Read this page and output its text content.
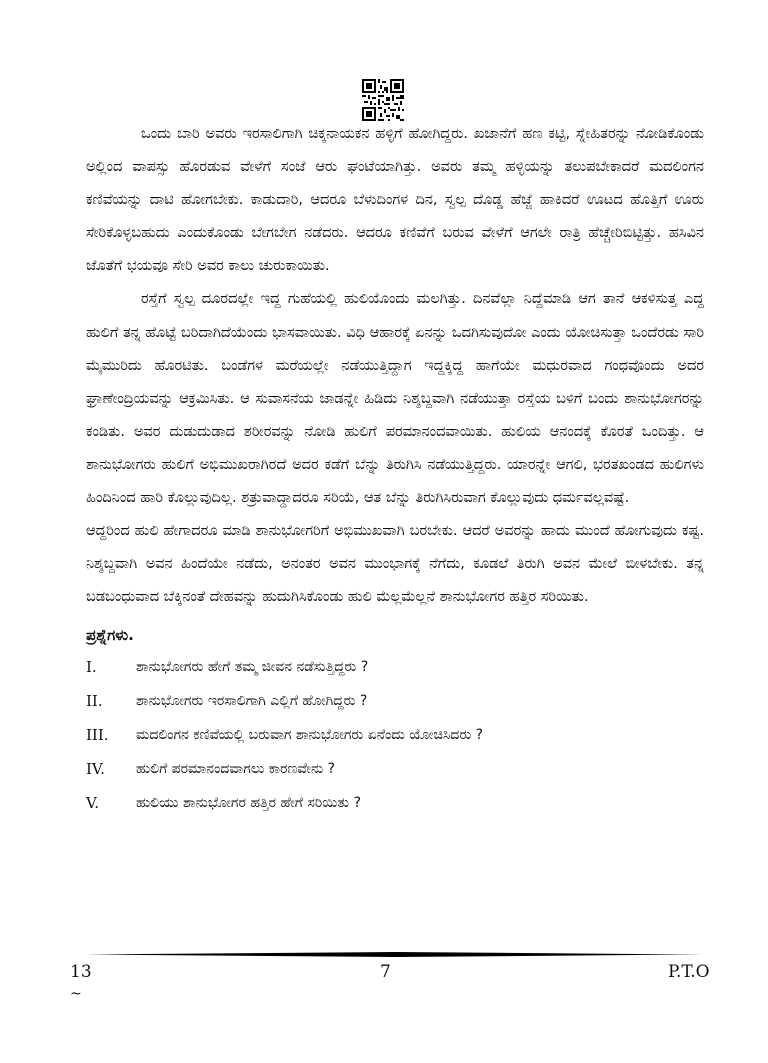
ಒಂದು ಬಾರಿ ಅವರು ಇರಸಾಲಿಗಾಗಿ ಚಿಕ್ಕನಾಯಕನ ಹಳ್ಳಿಗೆ ಹೋಗಿದ್ದರು. ಖಜಾನೆಗೆ ಹಣ ಕಟ್ಟಿ, ಸ್ನೇಹಿತರನ್ನು ನೋಡಿಕೊಂಡು ಅಲ್ಲಿಂದ ವಾಪಸ್ಸು ಹೊರಡುವ ವೇಳೆಗೆ ಸಂಜೆ ಆರು ಘಂಟೆಯಾಗಿತ್ತು. ಅವರು ತಮ್ಮ ಹಳ್ಳಿಯನ್ನು ತಲುಪಬೇಕಾದರೆ ಮದಲಿಂಗನ ಕಣಿವೆಯನ್ನು ದಾಟಿ ಹೋಗಬೇಕು. ಕಾಡುದಾರಿ, ಆದರೂ ಬೆಳುದಿಂಗಳ ದಿನ, ಸ್ವಲ್ಪ ದೊಡ್ಡ ಹೆಜ್ಜೆ ಹಾಕಿದರೆ ಊಟದ ಹೊತ್ತಿಗೆ ಊರು ಸೇರಿಕೊಳ್ಳಬಹುದು ಎಂದುಕೊಂಡು ಬೇಗಬೇಗ ನಡೆದರು. ಆದರೂ ಕಣಿವೆಗೆ ಬರುವ ವೇಳೆಗೆ ಆಗಲೇ ರಾತ್ರಿ ಹೆಚ್ಚೇರಿಬಿಟ್ಟಿತ್ತು. ಹಸಿವಿನ ಜೊತೆಗೆ ಭಯವೂ ಸೇರಿ ಅವರ ಕಾಲು ಚುರುಕಾಯಿತು.

ರಸ್ತೆಗೆ ಸ್ವಲ್ಪ ದೂರದಲ್ಲೇ ಇದ್ದ ಗುಹೆಯಲ್ಲಿ ಹುಲಿಯೊಂದು ಮಲಗಿತ್ತು. ದಿನವೆಲ್ಲಾ ನಿದ್ದೆಮಾಡಿ ಆಗ ತಾನೆ ಆಕಳಿಸುತ್ತ ಎದ್ದ ಹುಲಿಗೆ ತನ್ನ ಹೊಟ್ಟೆ ಬರಿದಾಗಿದೆಯೆಂದು ಭಾಸವಾಯಿತು. ವಿಧಿ ಆಹಾರಕ್ಕೆ ಏನನ್ನು ಒದಗಿಸುವುದೋ ಎಂದು ಯೋಚಿಸುತ್ತಾ ಒಂದೆರಡು ಸಾರಿ ಮೈಮುರಿದು ಹೊರಟಿತು. ಬಂಡೆಗಳ ಮರೆಯಲ್ಲೇ ನಡೆಯುತ್ತಿದ್ದಾಗ ಇದ್ದಕ್ಕಿದ್ದ ಹಾಗೆಯೇ ಮಧುರವಾದ ಗಂಧವೊಂದು ಅದರ ಘ್ರಾಣೇಂದ್ರಿಯವನ್ನು ಆಕ್ರಮಿಸಿತು. ಆ ಸುವಾಸನೆಯ ಜಾಡನ್ನೇ ಹಿಡಿದು ನಿಶ್ಶಬ್ದವಾಗಿ ನಡೆಯುತ್ತಾ ರಸ್ತೆಯ ಬಳಿಗೆ ಬಂದು ಶಾನುಭೋಗರನ್ನು ಕಂಡಿತು. ಅವರ ದುಡುದುಡಾದ ಶರೀರವನ್ನು ನೋಡಿ ಹುಲಿಗೆ ಪರಮಾನಂದವಾಯಿತು. ಹುಲಿಯ ಆನಂದಕ್ಕೆ ಕೊರತೆ ಒಂದಿತ್ತು. ಆ ಶಾನುಭೋಗರು ಹುಲಿಗೆ ಅಭಿಮುಖರಾಗಿರದೆ ಅದರ ಕಡೆಗೆ ಬೆನ್ನು ತಿರುಗಿಸಿ ನಡೆಯುತ್ತಿದ್ದರು. ಯಾರನ್ನೇ ಆಗಲಿ, ಭರತಖಂಡದ ಹುಲಿಗಳು ಹಿಂದಿನಿಂದ ಹಾರಿ ಕೊಲ್ಲುವುದಿಲ್ಲ. ಶತ್ರುವಾದ್ದಾದರೂ ಸರಿಯೆ, ಆತ ಬೆನ್ನು ತಿರುಗಿಸಿರುವಾಗ ಕೊಲ್ಲುವುದು ಧರ್ಮವಲ್ಲವಷ್ಟೆ.

ಆದ್ದರಿಂದ ಹುಲಿ ಹೇಗಾದರೂ ಮಾಡಿ ಶಾನುಭೋಗರಿಗೆ ಅಭಿಮುಖವಾಗಿ ಬರಬೇಕು. ಆದರೆ ಅವರನ್ನು ಹಾದು ಮುಂದೆ ಹೋಗುವುದು ಕಷ್ಟ. ನಿಶ್ಶಬ್ದವಾಗಿ ಅವನ ಹಿಂದೆಯೇ ನಡೆದು, ಅನಂತರ ಅವನ ಮುಂಭಾಗಕ್ಕೆ ನೆಗೆದು, ಕೂಡಲೆ ತಿರುಗಿ ಅವನ ಮೇಲೆ ಬೀಳಬೇಕು. ತನ್ನ ಬಡಬಂಧುವಾದ ಬೆಕ್ಕಿನಂತೆ ದೇಹವನ್ನು ಹುದುಗಿಸಿಕೊಂಡು ಹುಲಿ ಮೆಲ್ಲಮೆಲ್ಲನೆ ಶಾನುಭೋಗರ ಹತ್ತಿರ ಸರಿಯಿತು.

ಪ್ರಶ್ನೆಗಳು.
I.	ಶಾನುಭೋಗರು ಹೇಗೆ ತಮ್ಮ ಜೀವನ ನಡೆಸುತ್ತಿದ್ದರು ?
II.	ಶಾನುಭೋಗರು ಇರಸಾಲಿಗಾಗಿ ಎಲ್ಲಿಗೆ ಹೋಗಿದ್ದರು ?
III.	ಮದಲಿಂಗನ ಕಣಿವೆಯಲ್ಲಿ ಬರುವಾಗ ಶಾನುಭೋಗರು ಏನೆಂದು ಯೋಚಿಸಿದರು ?
IV.	ಹುಲಿಗೆ ಪರಮಾನಂದವಾಗಲು ಕಾರಣವೇನು ?
V.	ಹುಲಿಯು ಶಾನುಭೋಗರ ಹತ್ತಿರ ಹೇಗೆ ಸರಿಯಿತು ?
13	7	P.T.O
~
